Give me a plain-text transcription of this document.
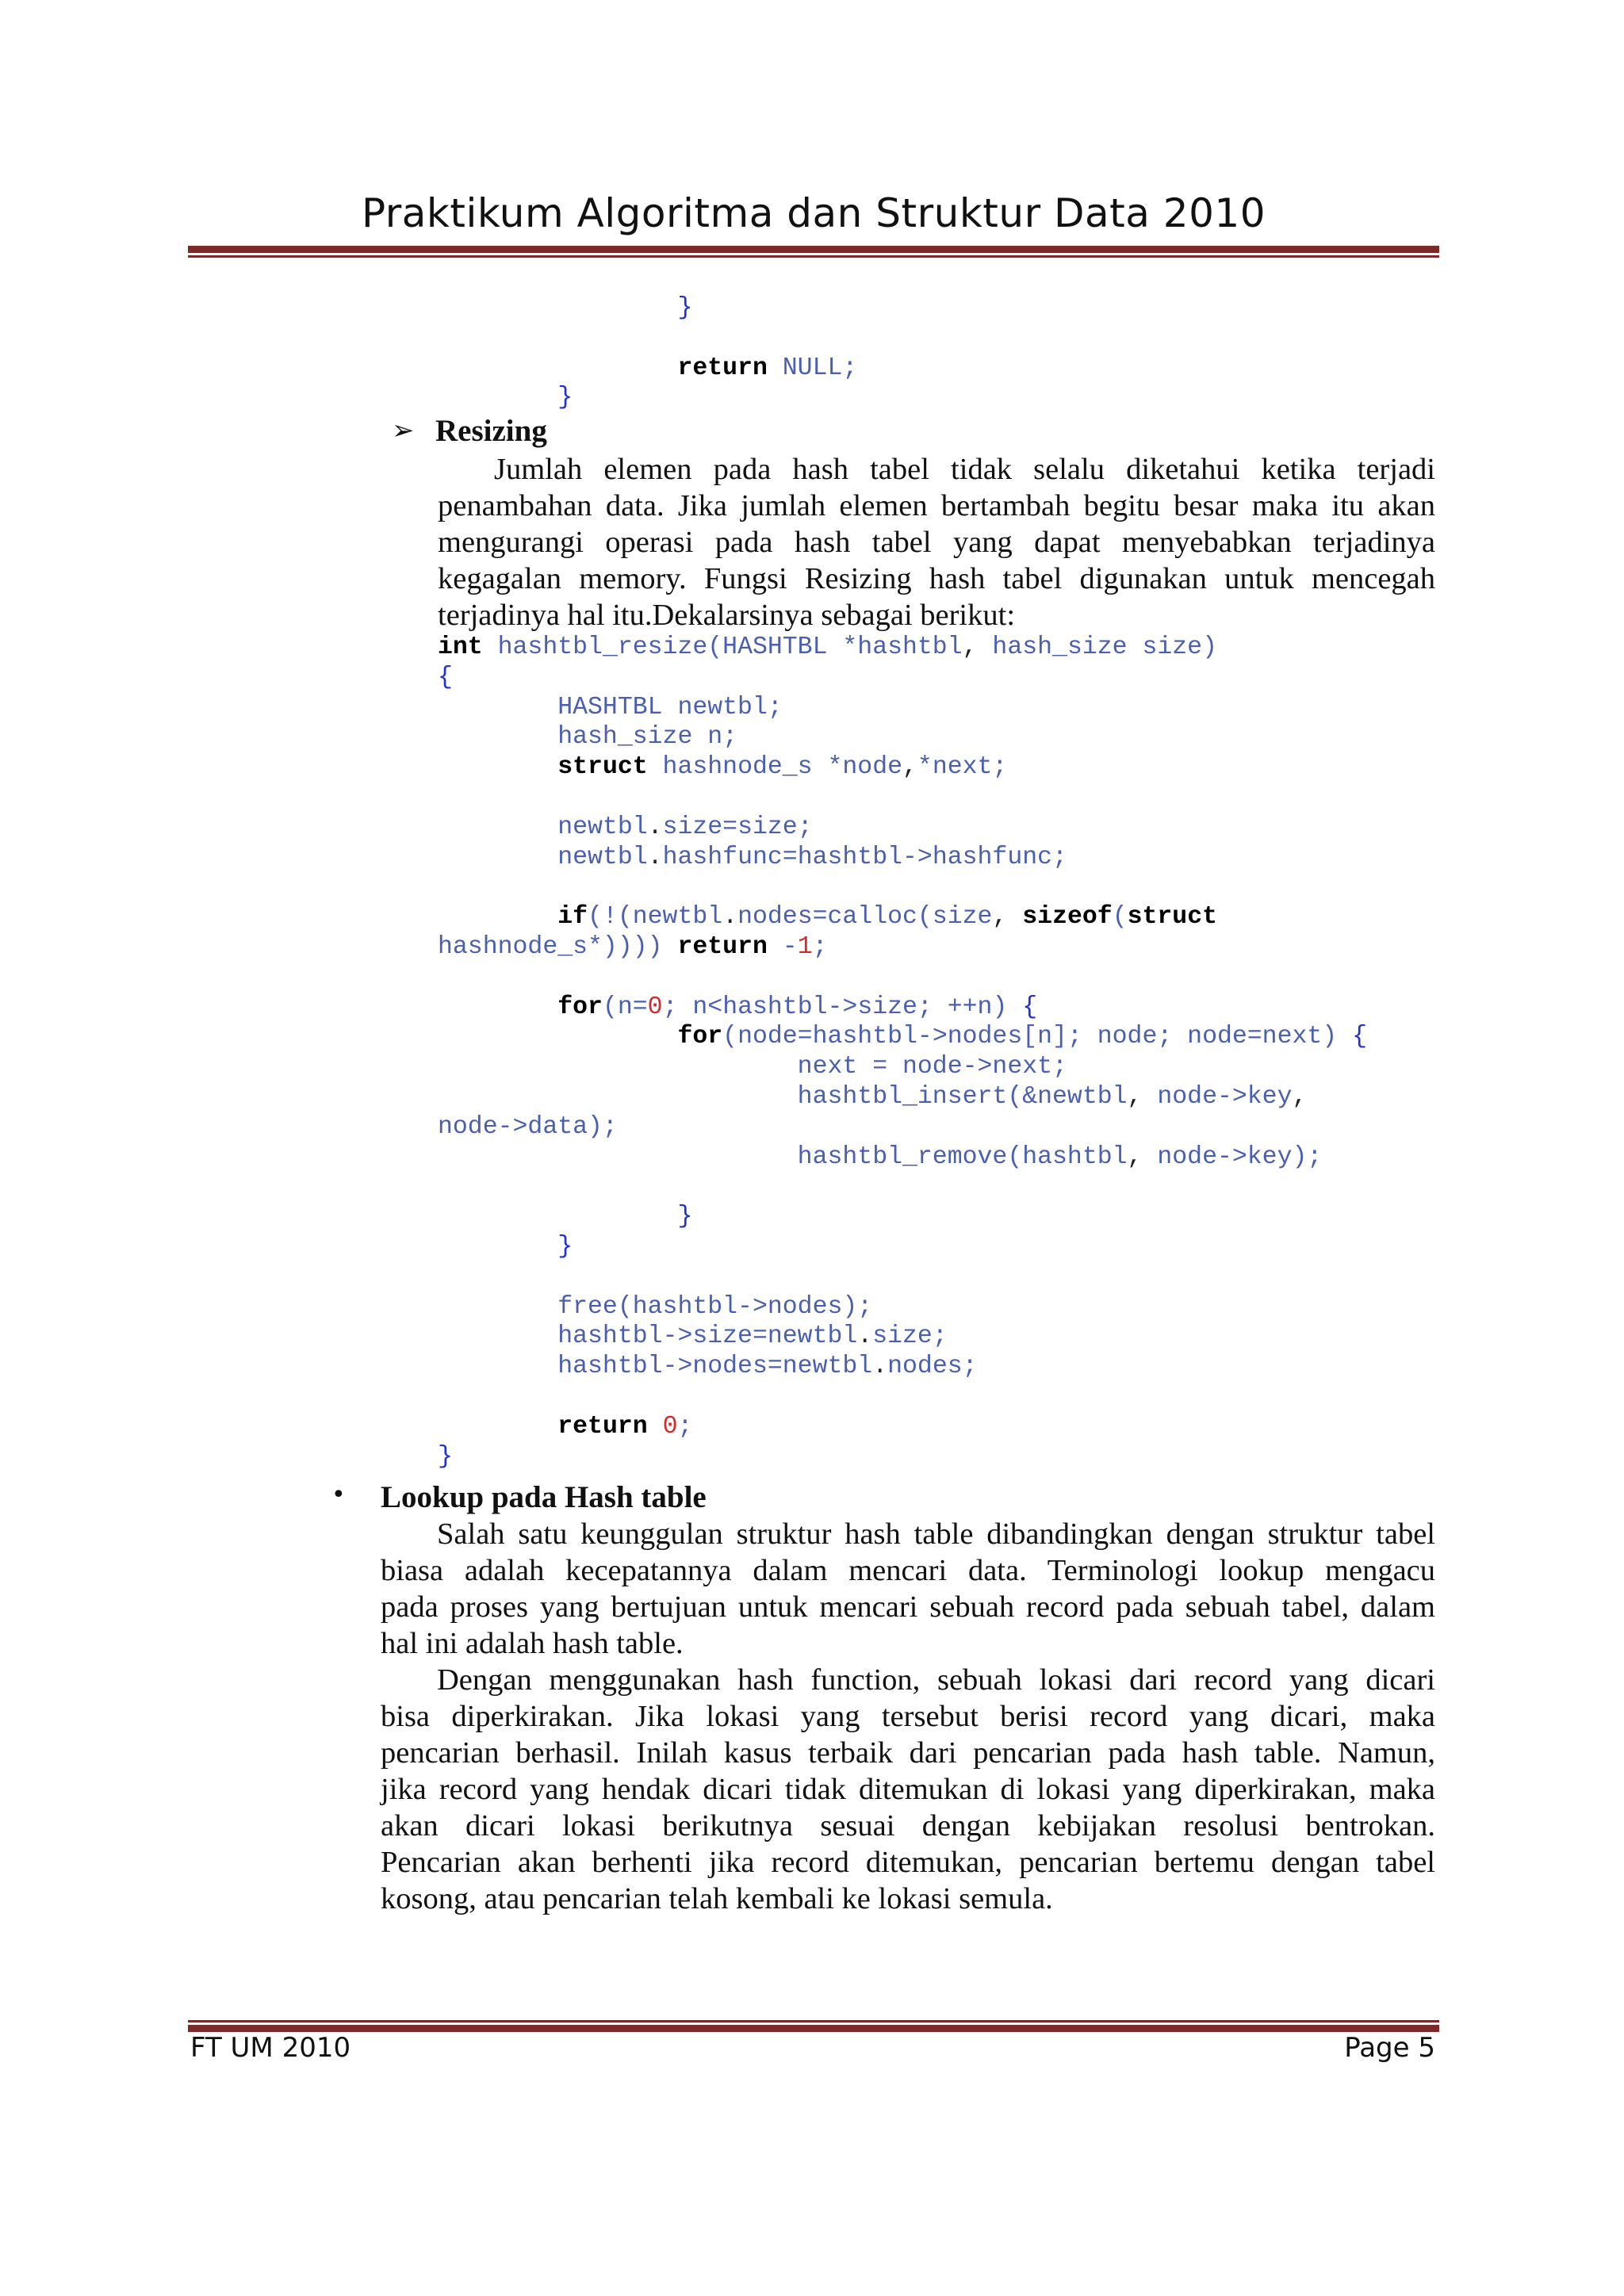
Praktikum Algoritma dan Struktur Data 2010
}
return NULL;
}
➢ Resizing
Jumlah elemen pada hash tabel tidak selalu diketahui ketika terjadi
penambahan data. Jika jumlah elemen bertambah begitu besar maka itu akan
mengurangi operasi pada hash tabel yang dapat menyebabkan terjadinya
kegagalan memory. Fungsi Resizing hash tabel digunakan untuk mencegah
terjadinya hal itu.Dekalarsinya sebagai berikut:
int hashtbl_resize(HASHTBL *hashtbl, hash_size size)
{
HASHTBL newtbl;
hash_size n;
struct hashnode_s *node,*next;
newtbl.size=size;
newtbl.hashfunc=hashtbl->hashfunc;
if(!(newtbl.nodes=calloc(size, sizeof(struct
hashnode_s*)))) return -1;
for(n=0; n<hashtbl->size; ++n) {
for(node=hashtbl->nodes[n]; node; node=next) {
next = node->next;
hashtbl_insert(&newtbl, node->key,
node->data);
hashtbl_remove(hashtbl, node->key);
}
}
free(hashtbl->nodes);
hashtbl->size=newtbl.size;
hashtbl->nodes=newtbl.nodes;
return 0;
}
• Lookup pada Hash table
Salah satu keunggulan struktur hash table dibandingkan dengan struktur tabel
biasa adalah kecepatannya dalam mencari data. Terminologi lookup mengacu
pada proses yang bertujuan untuk mencari sebuah record pada sebuah tabel, dalam
hal ini adalah hash table.
Dengan menggunakan hash function, sebuah lokasi dari record yang dicari
bisa diperkirakan. Jika lokasi yang tersebut berisi record yang dicari, maka
pencarian berhasil. Inilah kasus terbaik dari pencarian pada hash table. Namun,
jika record yang hendak dicari tidak ditemukan di lokasi yang diperkirakan, maka
akan dicari lokasi berikutnya sesuai dengan kebijakan resolusi bentrokan.
Pencarian akan berhenti jika record ditemukan, pencarian bertemu dengan tabel
kosong, atau pencarian telah kembali ke lokasi semula.
FT UM 2010	Page 5
